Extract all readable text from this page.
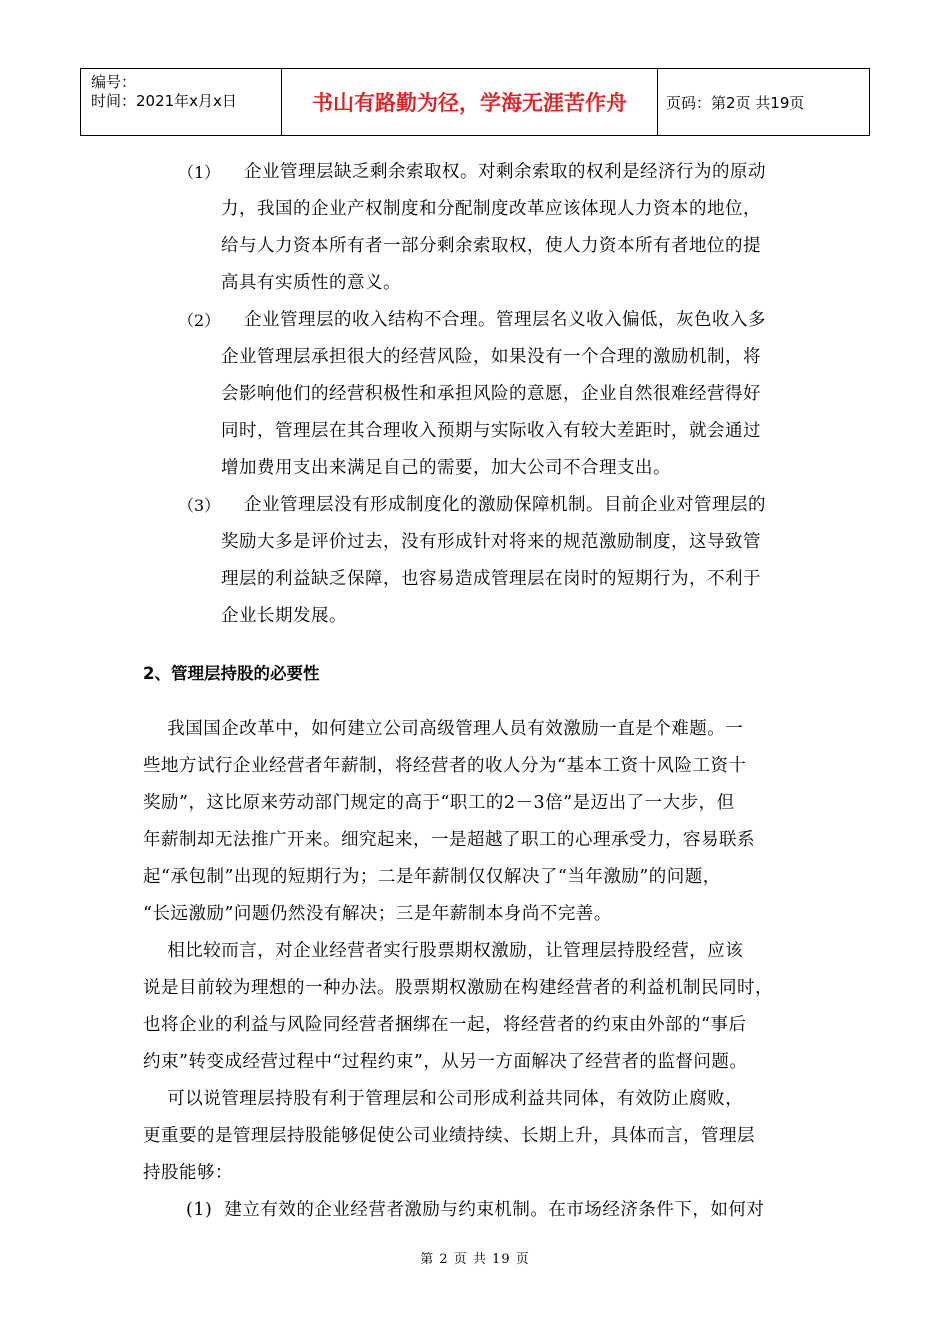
编号：
时间：2021年x月x日	书山有路勤为径，学海无涯苦作舟	页码：第2页 共19页
（1） 企业管理层缺乏剩余索取权。对剩余索取的权利是经济行为的原动
力，我国的企业产权制度和分配制度改革应该体现人力资本的地位，
给与人力资本所有者一部分剩余索取权，使人力资本所有者地位的提
高具有实质性的意义。
（2） 企业管理层的收入结构不合理。管理层名义收入偏低，灰色收入多
企业管理层承担很大的经营风险，如果没有一个合理的激励机制，将
会影响他们的经营积极性和承担风险的意愿，企业自然很难经营得好
同时，管理层在其合理收入预期与实际收入有较大差距时，就会通过
增加费用支出来满足自己的需要，加大公司不合理支出。
（3） 企业管理层没有形成制度化的激励保障机制。目前企业对管理层的
奖励大多是评价过去，没有形成针对将来的规范激励制度，这导致管
理层的利益缺乏保障，也容易造成管理层在岗时的短期行为，不利于
企业长期发展。
2、管理层持股的必要性
我国国企改革中，如何建立公司高级管理人员有效激励一直是个难题。一
些地方试行企业经营者年薪制，将经营者的收人分为“基本工资十风险工资十
奖励”，这比原来劳动部门规定的高于“职工的2－3倍”是迈出了一大步，但
年薪制却无法推广开来。细究起来，一是超越了职工的心理承受力，容易联系
起“承包制”出现的短期行为；二是年薪制仅仅解决了“当年激励”的问题，
“长远激励”问题仍然没有解决；三是年薪制本身尚不完善。
相比较而言，对企业经营者实行股票期权激励，让管理层持股经营，应该
说是目前较为理想的一种办法。股票期权激励在构建经营者的利益机制民同时，
也将企业的利益与风险同经营者捆绑在一起，将经营者的约束由外部的“事后
约束”转变成经营过程中“过程约束”，从另一方面解决了经营者的监督问题。
可以说管理层持股有利于管理层和公司形成利益共同体，有效防止腐败，
更重要的是管理层持股能够促使公司业绩持续、长期上升，具体而言，管理层
持股能够：
(1)  建立有效的企业经营者激励与约束机制。在市场经济条件下，如何对
第 2 页 共 19 页
